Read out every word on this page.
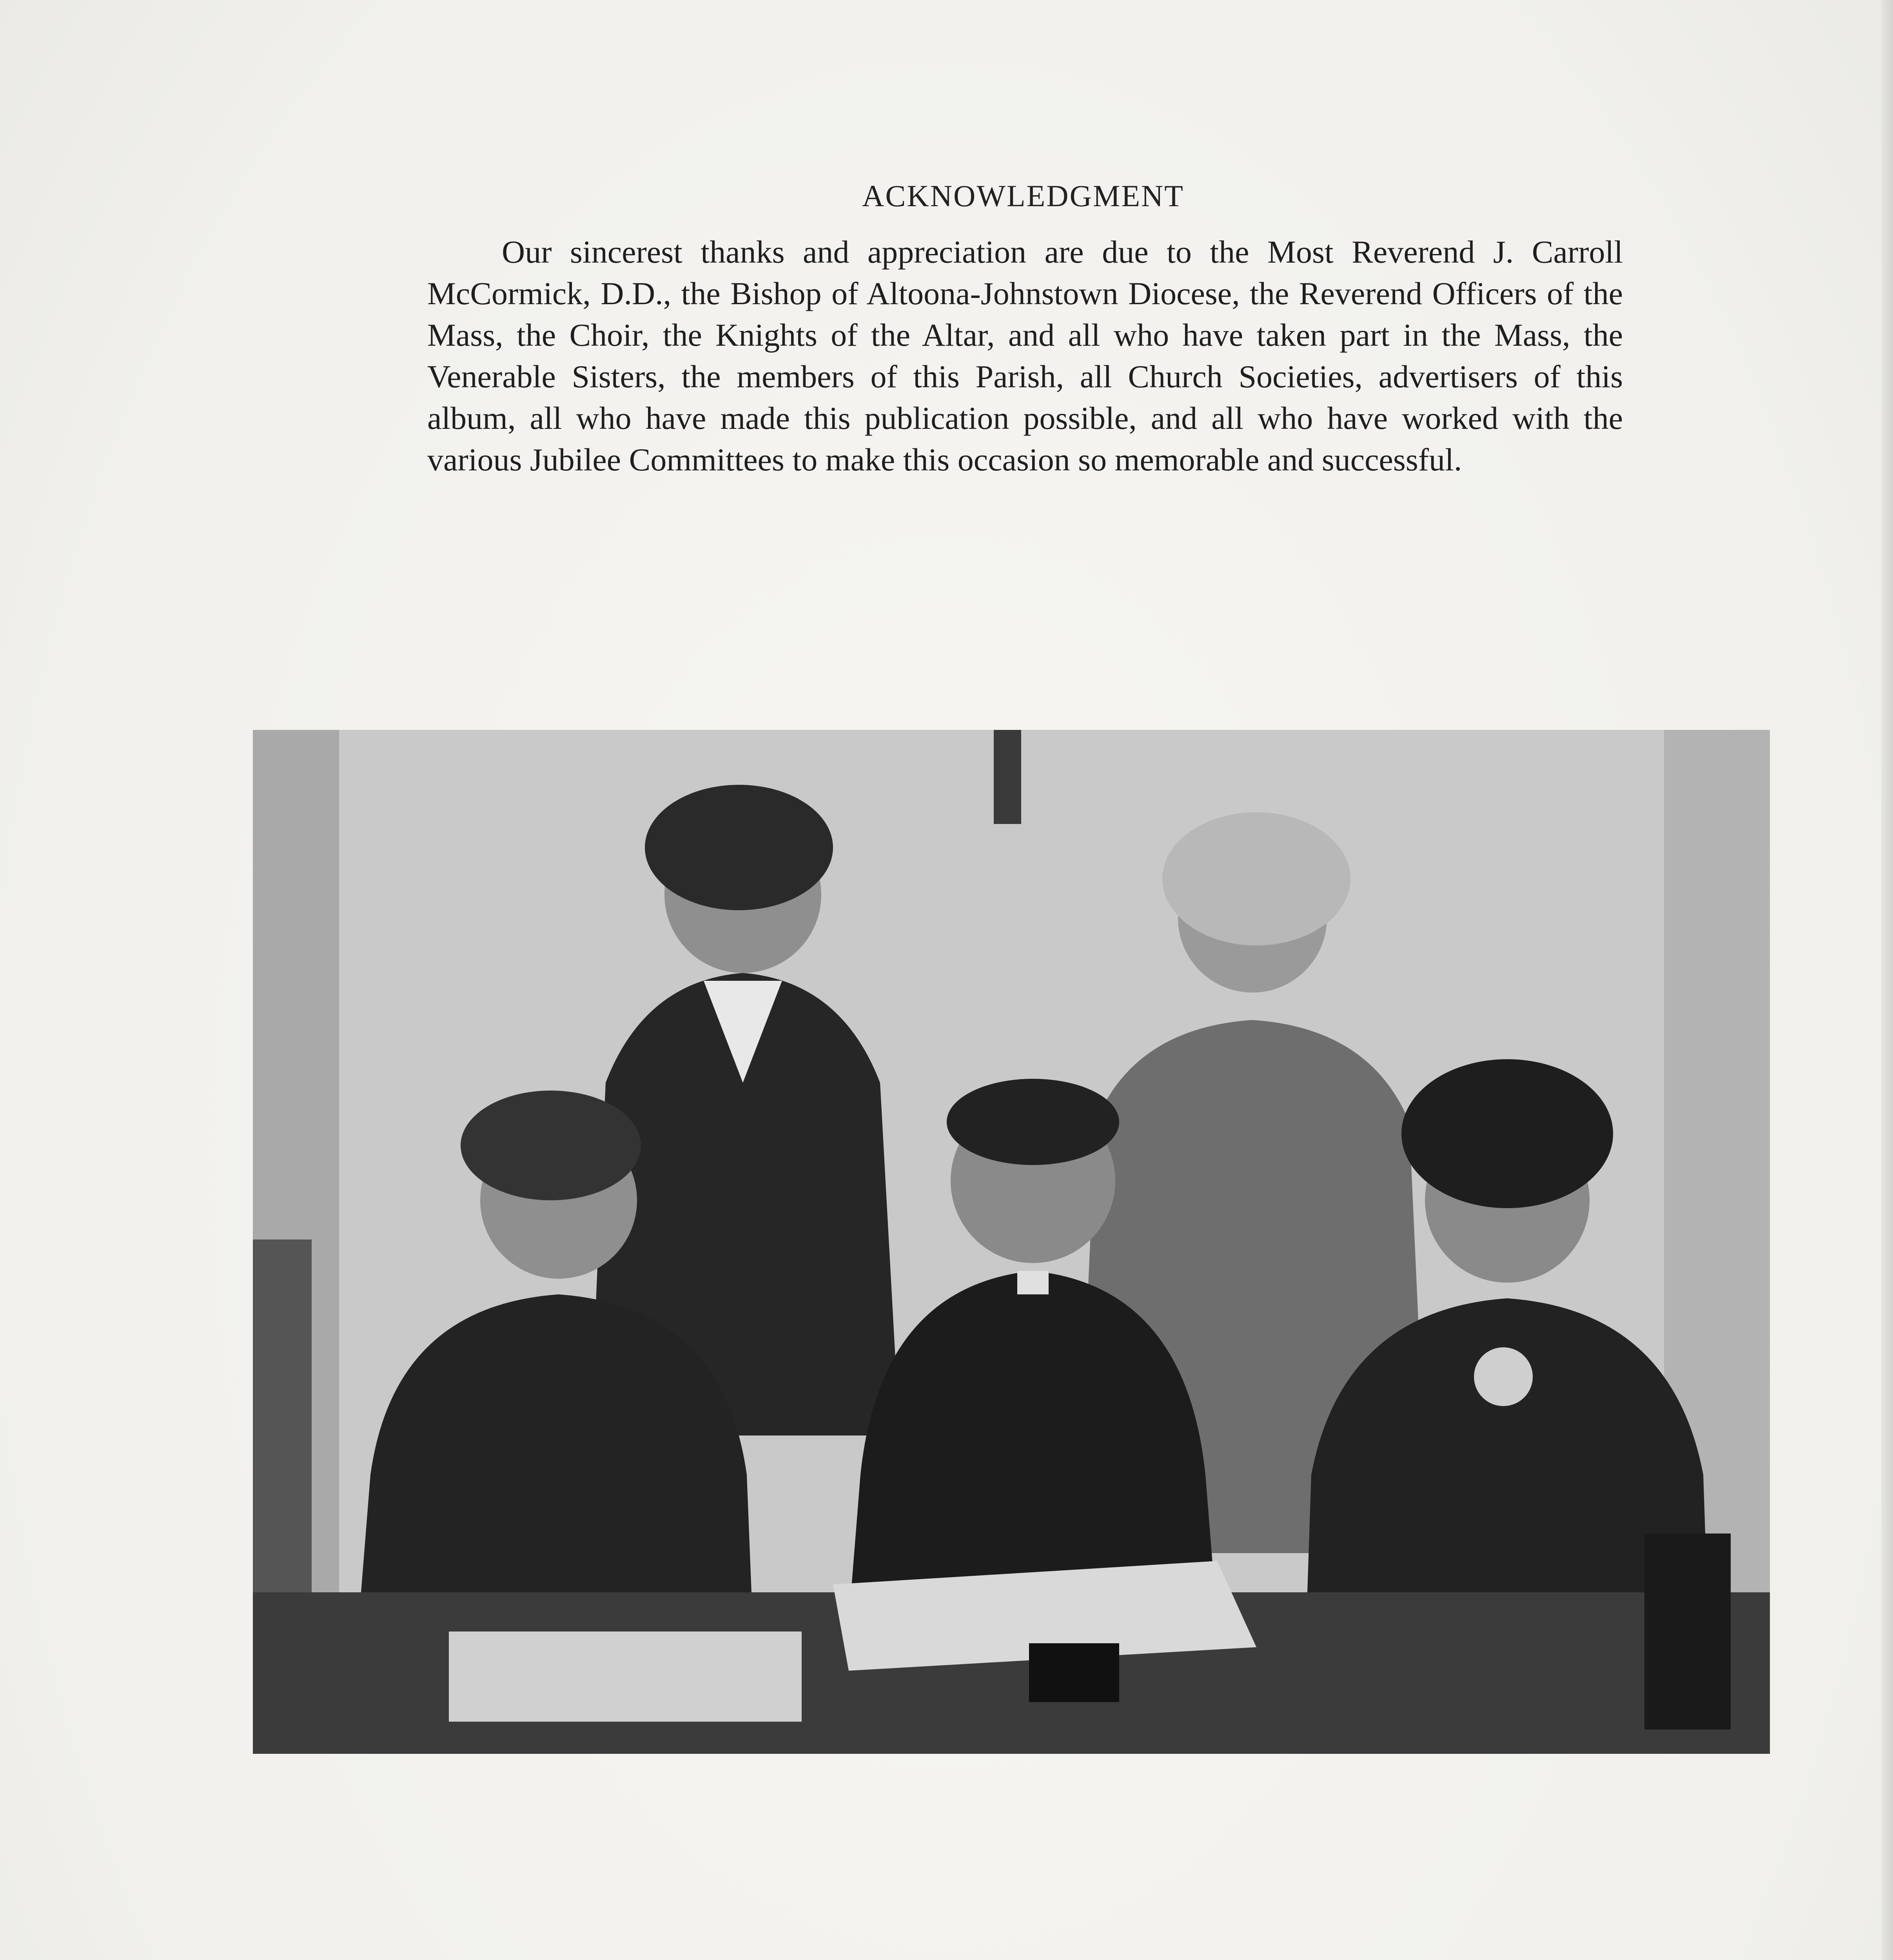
ACKNOWLEDGMENT

Our sincerest thanks and appreciation are due to the Most Reverend J. Carroll McCormick, D.D., the Bishop of Altoona-Johnstown Diocese, the Reverend Officers of the Mass, the Choir, the Knights of the Altar, and all who have taken part in the Mass, the Venerable Sisters, the members of this Parish, all Church Societies, advertisers of this album, all who have made this publication possible, and all who have worked with the various Jubilee Committees to make this occasion so memorable and successful.
